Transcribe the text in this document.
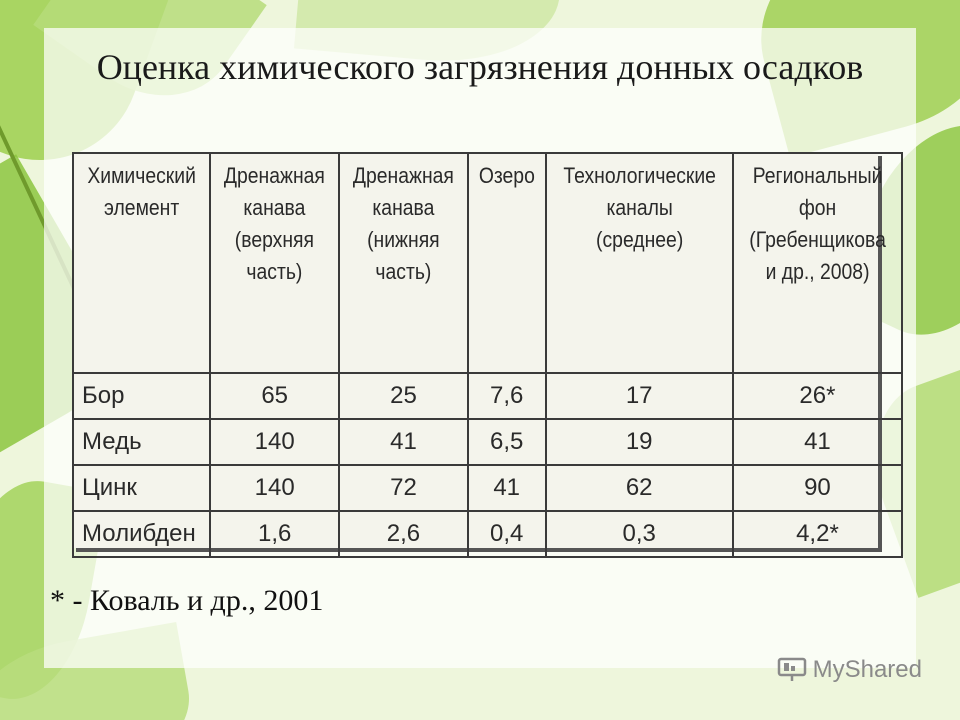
Оценка химического загрязнения донных осадков
Химический элемент	Дренажная канава (верхняя часть)	Дренажная канава (нижняя часть)	Озеро	Технологические каналы (среднее)	Региональный фон (Гребенщикова и др., 2008)
Бор	65	25	7,6	17	26*
Медь	140	41	6,5	19	41
Цинк	140	72	41	62	90
Молибден	1,6	2,6	0,4	0,3	4,2*
* - Коваль и др., 2001
MyShared
